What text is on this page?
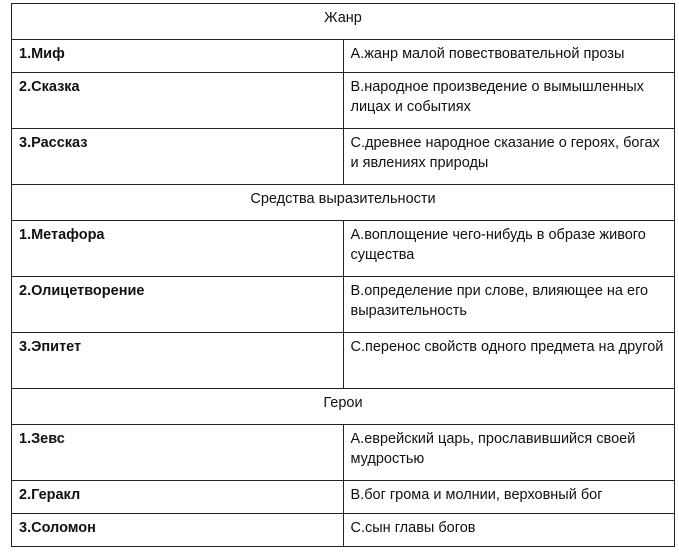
Жанр	
1.Миф	А.жанр малой повествовательной прозы
2.Сказка	В.народное произведение о вымышленных лицах и событиях
3.Рассказ	С.древнее народное сказание о героях, богах и явлениях природы
Средства выразительности	
1.Метафора	А.воплощение чего-нибудь в образе живого существа
2.Олицетворение	В.определение при слове, влияющее на его выразительность
3.Эпитет	С.перенос свойств одного предмета на другой
Герои	
1.Зевс	А.еврейский царь, прославившийся своей мудростью
2.Геракл	В.бог грома и молнии, верховный бог
3.Соломон	С.сын главы богов
